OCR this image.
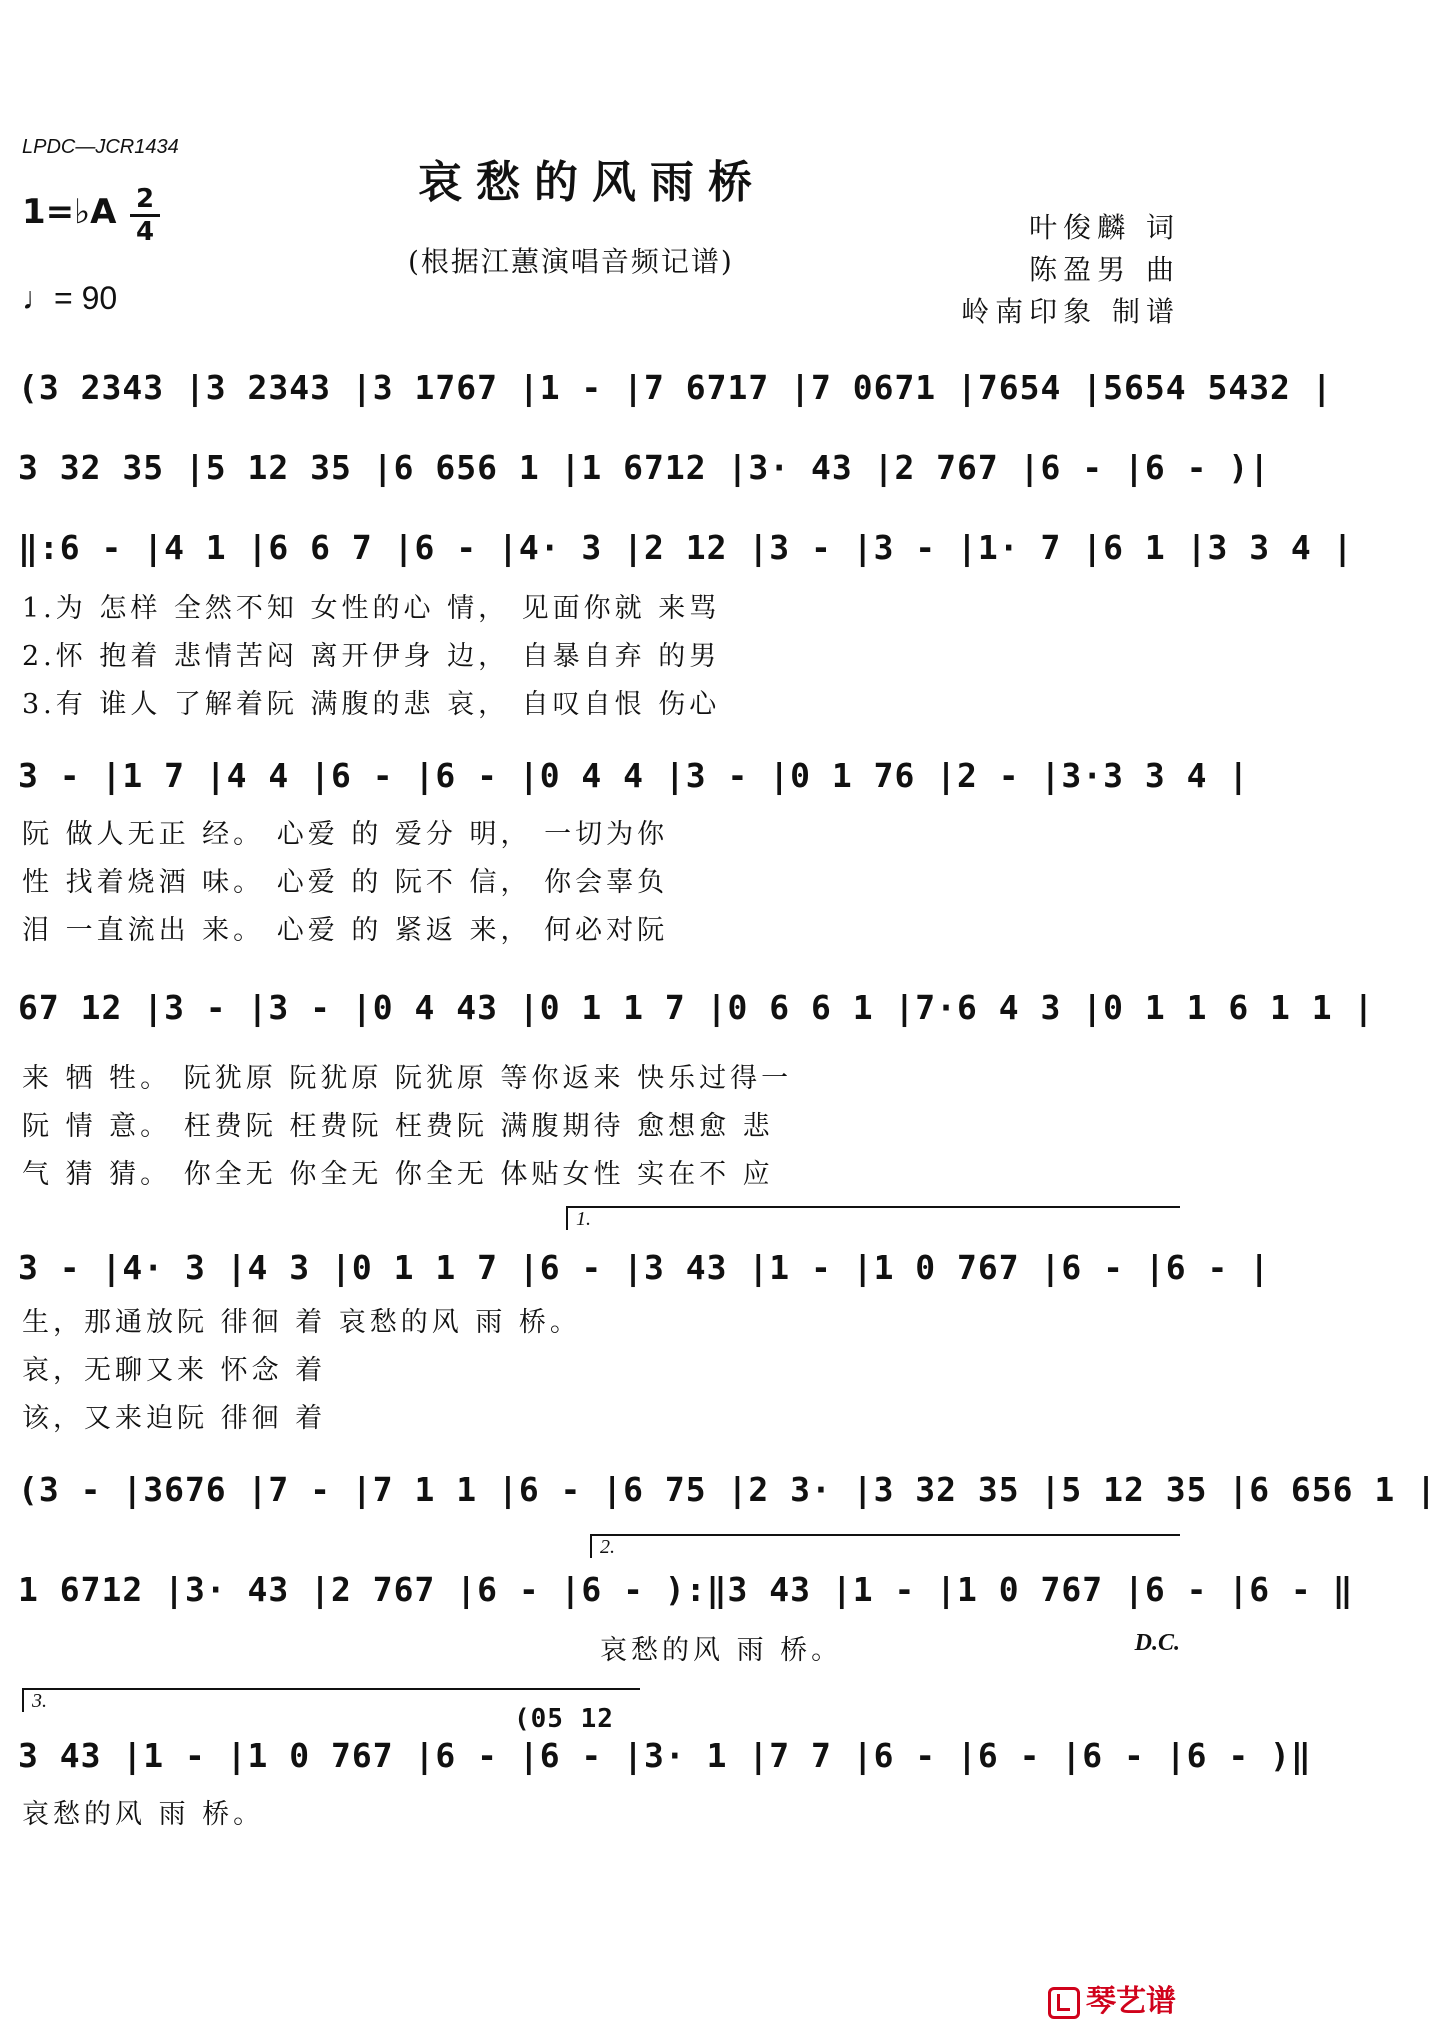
LPDC—JCR1434
哀愁的风雨桥
(根据江蕙演唱音频记谱)
1=♭A 2
4
♩= 90
叶俊麟 词
陈盈男 曲
岭南印象 制谱
(3 2343 |3 2343 |3 1767 |1 - |7 6717 |7 0671 |7654 |5654 5432 |
3 32 35 |5 12 35 |6 656 1 |1 6712 |3· 43 |2 767 |6 - |6 - )|
‖:6 - |4 1 |6 6 7 |6 - |4· 3 |2 12 |3 - |3 - |1· 7 |6 1 |3 3 4 |
1.为 怎样 全然不知 女性的心 情， 见面你就 来骂
2.怀 抱着 悲情苦闷 离开伊身 边， 自暴自弃 的男
3.有 谁人 了解着阮 满腹的悲 哀， 自叹自恨 伤心
3 - |1 7 |4 4 |6 - |6 - |0 4 4 |3 - |0 1 76 |2 - |3·3 3 4 |
阮 做人无正 经。 心爱 的 爱分 明， 一切为你
性 找着烧酒 味。 心爱 的 阮不 信， 你会辜负
泪 一直流出 来。 心爱 的 紧返 来， 何必对阮
67 12 |3 - |3 - |0 4 43 |0 1 1 7 |0 6 6 1 |7·6 4 3 |0 1 1 6 1 1 |
来 牺 牲。 阮犹原 阮犹原 阮犹原 等你返来 快乐过得一
阮 情 意。 枉费阮 枉费阮 枉费阮 满腹期待 愈想愈 悲
气 猜 猜。 你全无 你全无 你全无 体贴女性 实在不 应
1.
3 - |4· 3 |4 3 |0 1 1 7 |6 - |3 43 |1 - |1 0 767 |6 - |6 - |
生，那通放阮 徘徊 着 哀愁的风 雨 桥。
哀，无聊又来 怀念 着
该，又来迫阮 徘徊 着
(3 - |3676 |7 - |7 1 1 |6 - |6 75 |2 3· |3 32 35 |5 12 35 |6 656 1 |
2.
1 6712 |3· 43 |2 767 |6 - |6 - ):‖3 43 |1 - |1 0 767 |6 - |6 - ‖
哀愁的风 雨 桥。	D.C.
3.
(05 12
3 43 |1 - |1 0 767 |6 - |6 - |3· 1 |7 7 |6 - |6 - |6 - |6 - )‖
哀愁的风 雨 桥。
琴艺谱
